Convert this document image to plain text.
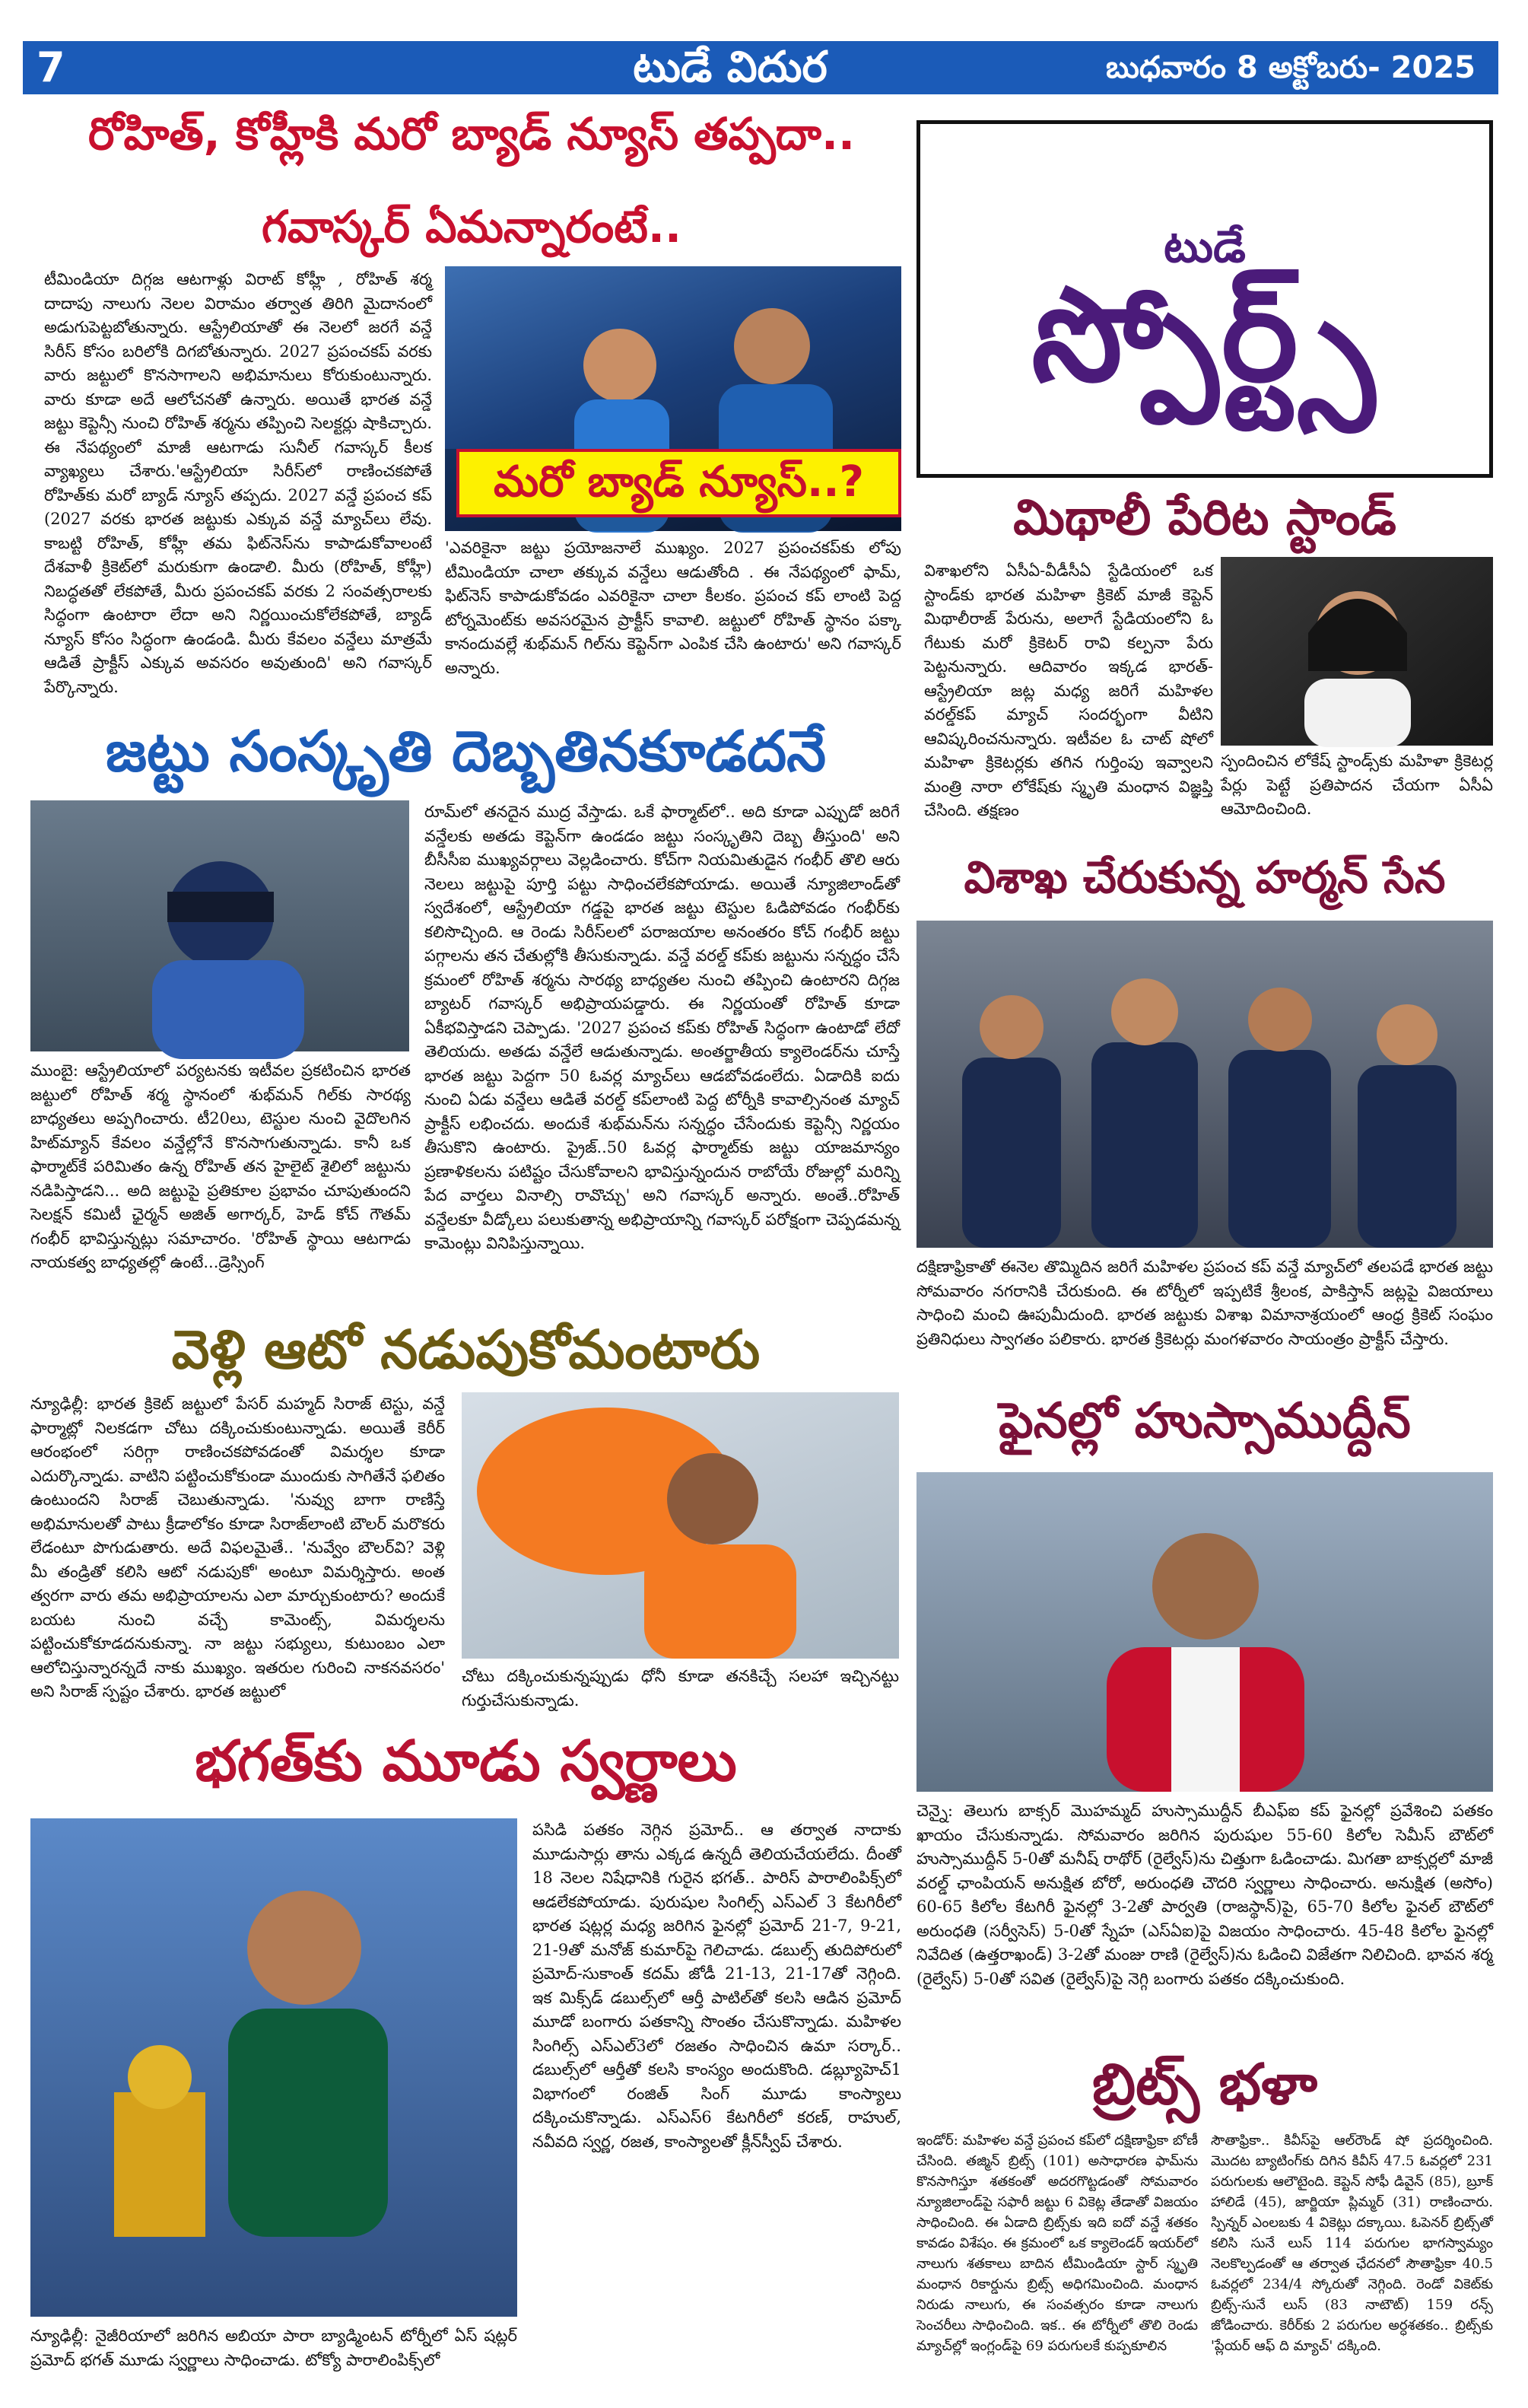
7	టుడే విదుర	బుధవారం 8 అక్టోబరు- 2025
రోహిత్, కోహ్లీకి మరో బ్యాడ్ న్యూస్ తప్పదా..
గవాస్కర్ ఏమన్నారంటే..
టీమిండియా దిగ్గజ ఆటగాళ్లు విరాట్ కోహ్లీ , రోహిత్ శర్మ దాదాపు నాలుగు నెలల విరామం తర్వాత తిరిగి మైదానంలో అడుగుపెట్టబోతున్నారు. ఆస్ట్రేలియాతో ఈ నెలలో జరగే వన్డే సిరీస్ కోసం బరిలోకి దిగబోతున్నారు. 2027 ప్రపంచకప్ వరకు వారు జట్టులో కొనసాగాలని అభిమానులు కోరుకుంటున్నారు. వారు కూడా అదే ఆలోచనతో ఉన్నారు. అయితే భారత వన్డే జట్టు కెప్టెన్సీ నుంచి రోహిత్ శర్మను తప్పించి సెలక్టర్లు షాకిచ్చారు. ఈ నేపథ్యంలో మాజీ ఆటగాడు సునీల్ గవాస్కర్ కీలక వ్యాఖ్యలు చేశారు.'ఆస్ట్రేలియా సిరీస్‌లో రాణించకపోతే రోహిత్‌కు మరో బ్యాడ్ న్యూస్ తప్పదు. 2027 వన్డే ప్రపంచ కప్ (2027 వరకు భారత జట్టుకు ఎక్కువ వన్డే మ్యాచ్‌లు లేవు. కాబట్టి రోహిత్, కోహ్లీ తమ ఫిట్‌నెస్‌ను కాపాడుకోవాలంటే దేశవాళీ క్రికెట్‌లో మరుకుగా ఉండాలి. మీరు (రోహిత్, కోహ్లీ) నిబద్ధతతో లేకపోతే, మీరు ప్రపంచకప్ వరకు 2 సంవత్సరాలకు సిద్ధంగా ఉంటారా లేదా అని నిర్ణయించుకోలేకపోతే, బ్యాడ్ న్యూస్ కోసం సిద్ధంగా ఉండండి. మీరు కేవలం వన్డేలు మాత్రమే ఆడితే ప్రాక్టీస్ ఎక్కువ అవసరం అవుతుంది' అని గవాస్కర్ పేర్కొన్నారు.
మరో బ్యాడ్ న్యూస్..?
'ఎవరికైనా జట్టు ప్రయోజనాలే ముఖ్యం. 2027 ప్రపంచకప్‌కు లోపు టీమిండియా చాలా తక్కువ వన్డేలు ఆడుతోంది . ఈ నేపథ్యంలో ఫామ్, ఫిట్‌నెస్ కాపాడుకోవడం ఎవరికైనా చాలా కీలకం. ప్రపంచ కప్ లాంటి పెద్ద టోర్నమెంట్‌కు అవసరమైన ప్రాక్టీస్ కావాలి. జట్టులో రోహిత్ స్థానం పక్కా కానందువల్లే శుభ్‌మన్ గిల్‌ను కెప్టెన్‌గా ఎంపిక చేసి ఉంటారు' అని గవాస్కర్ అన్నారు.
టుడే
స్పోర్ట్స్
జట్టు సంస్కృతి దెబ్బతినకూడదనే
ముంబై: ఆస్ట్రేలియాలో పర్యటనకు ఇటీవల ప్రకటించిన భారత జట్టులో రోహిత్ శర్మ స్థానంలో శుభ్‌మన్ గిల్‌కు సారథ్య బాధ్యతలు అప్పగించారు. టీ20లు, టెస్టుల నుంచి వైదొలగిన హిట్‌మ్యాన్ కేవలం వన్డేల్లోనే కొనసాగుతున్నాడు. కానీ ఒక ఫార్మాట్‌కే పరిమితం ఉన్న రోహిత్ తన హైలైట్ శైలిలో జట్టును నడిపిస్తాడని... అది జట్టుపై ప్రతికూల ప్రభావం చూపుతుందని సెలక్షన్ కమిటీ ఛైర్మన్ అజిత్ అగార్కర్, హెడ్ కోచ్ గౌతమ్ గంభీర్ భావిస్తున్నట్లు సమాచారం. 'రోహిత్ స్థాయి ఆటగాడు నాయకత్వ బాధ్యతల్లో ఉంటే...డ్రెస్సింగ్
రూమ్‌లో తనదైన ముద్ర వేస్తాడు. ఒకే ఫార్మాట్‌లో.. అది కూడా ఎప్పుడో జరిగే వన్డేలకు అతడు కెప్టెన్‌గా ఉండడం జట్టు సంస్కృతిని దెబ్బ తీస్తుంది' అని బీసీసీఐ ముఖ్యవర్గాలు వెల్లడించారు. కోచ్‌గా నియమితుడైన గంభీర్ తొలి ఆరు నెలలు జట్టుపై పూర్తి పట్టు సాధించలేకపోయాడు. అయితే న్యూజిలాండ్‌తో స్వదేశంలో, ఆస్ట్రేలియా గడ్డపై భారత జట్టు టెస్టుల ఓడిపోవడం గంభీర్‌కు కలిసొచ్చింది. ఆ రెండు సిరీస్‌లలో పరాజయాల అనంతరం కోచ్ గంభీర్ జట్టు పగ్గాలను తన చేతుల్లోకి తీసుకున్నాడు. వన్డే వరల్డ్ కప్‌కు జట్టును సన్నద్ధం చేసే క్రమంలో రోహిత్ శర్మను సారథ్య బాధ్యతల నుంచి తప్పించి ఉంటారని దిగ్గజ బ్యాటర్ గవాస్కర్ అభిప్రాయపడ్డారు. ఈ నిర్ణయంతో రోహిత్ కూడా ఏకీభవిస్తాడని చెప్పాడు. '2027 ప్రపంచ కప్‌కు రోహిత్ సిద్ధంగా ఉంటాడో లేదో తెలియదు. అతడు వన్డేలే ఆడుతున్నాడు. అంతర్జాతీయ క్యాలెండర్‌ను చూస్తే భారత జట్టు పెద్దగా 50 ఓవర్ల మ్యాచ్‌లు ఆడబోవడంలేదు. ఏడాదికి ఐదు నుంచి ఏడు వన్డేలు ఆడితే వరల్డ్ కప్‌లాంటి పెద్ద టోర్నీకి కావాల్సినంత మ్యాచ్ ప్రాక్టీస్ లభించదు. అందుకే శుభ్‌మన్‌ను సన్నద్ధం చేసేందుకు కెప్టెన్సీ నిర్ణయం తీసుకొని ఉంటారు. ప్రైజ్..50 ఓవర్ల ఫార్మాట్‌కు జట్టు యాజమాన్యం ప్రణాళికలను పటిష్టం చేసుకోవాలని భావిస్తున్నందున రాబోయే రోజుల్లో మరిన్ని పేద వార్తలు వినాల్సి రావొచ్చు' అని గవాస్కర్ అన్నారు. అంతే..రోహిత్ వన్డేలకూ వీడ్కోలు పలుకుతాన్న అభిప్రాయాన్ని గవాస్కర్ పరోక్షంగా చెప్పడమన్న కామెంట్లు వినిపిస్తున్నాయి.
మిథాలీ పేరిట స్టాండ్
విశాఖలోని ఏసీఏ-వీడీసీఏ స్టేడియంలో ఒక స్టాండ్‌కు భారత మహిళా క్రికెట్ మాజీ కెప్టెన్ మిథాలీరాజ్ పేరును, అలాగే స్టేడియంలోని ఓ గేటుకు మరో క్రికెటర్ రావి కల్పనా పేరు పెట్టనున్నారు. ఆదివారం ఇక్కడ భారత్-ఆస్ట్రేలియా జట్ల మధ్య జరిగే మహిళల వరల్డ్‌కప్ మ్యాచ్ సందర్భంగా వీటిని ఆవిష్కరించనున్నారు. ఇటీవల ఓ చాట్ షోలో మహిళా క్రికెటర్లకు తగిన గుర్తింపు ఇవ్వాలని మంత్రి నారా లోకేష్‌కు స్మృతి మంధాన విజ్ఞప్తి చేసింది. తక్షణం
స్పందించిన లోకేష్ స్టాండ్స్‌కు మహిళా క్రికెటర్ల పేర్లు పెట్టే ప్రతిపాదన చేయగా ఏసీఏ ఆమోదించింది.
విశాఖ చేరుకున్న హర్మన్ సేన
దక్షిణాఫ్రికాతో ఈనెల తొమ్మిదిన జరిగే మహిళల ప్రపంచ కప్ వన్డే మ్యాచ్‌లో తలపడే భారత జట్టు సోమవారం నగరానికి చేరుకుంది. ఈ టోర్నీలో ఇప్పటికే శ్రీలంక, పాకిస్తాన్ జట్లపై విజయాలు సాధించి మంచి ఊపుమీదుంది. భారత జట్టుకు విశాఖ విమానాశ్రయంలో ఆంధ్ర క్రికెట్ సంఘం ప్రతినిధులు స్వాగతం పలికారు. భారత క్రికెటర్లు మంగళవారం సాయంత్రం ప్రాక్టీస్ చేస్తారు.
వెళ్లి ఆటో నడుపుకోమంటారు
న్యూఢిల్లీ: భారత క్రికెట్ జట్టులో పేసర్ మహ్మద్ సిరాజ్ టెస్టు, వన్డే ఫార్మాట్లో నిలకడగా చోటు దక్కించుకుంటున్నాడు. అయితే కెరీర్ ఆరంభంలో సరిగ్గా రాణించకపోవడంతో విమర్శల కూడా ఎదుర్కొన్నాడు. వాటిని పట్టించుకోకుండా ముందుకు సాగితేనే ఫలితం ఉంటుందని సిరాజ్ చెబుతున్నాడు. 'నువ్వు బాగా రాణిస్తే అభిమానులతో పాటు క్రీడాలోకం కూడా సిరాజ్‌లాంటి బౌలర్ మరొకరు లేడంటూ పొగుడుతారు. అదే విఫలమైతే.. 'నువ్వేం బౌలర్‌వి? వెళ్లి మీ తండ్రితో కలిసి ఆటో నడుపుకో' అంటూ విమర్శిస్తారు. అంత త్వరగా వారు తమ అభిప్రాయాలను ఎలా మార్చుకుంటారు? అందుకే బయట నుంచి వచ్చే కామెంట్స్, విమర్శలను పట్టించుకోకూడదనుకున్నా. నా జట్టు సభ్యులు, కుటుంబం ఎలా ఆలోచిస్తున్నారన్నదే నాకు ముఖ్యం. ఇతరుల గురించి నాకనవసరం' అని సిరాజ్ స్పష్టం చేశారు. భారత జట్టులో
చోటు దక్కించుకున్నప్పుడు ధోనీ కూడా తనకిచ్చే సలహా ఇచ్చినట్టు గుర్తుచేసుకున్నాడు.
ఫైనల్లో హుస్సాముద్దీన్
చెన్నై: తెలుగు బాక్సర్ మొహమ్మద్ హుస్సాముద్దీన్ బీఎఫ్ఐ కప్ ఫైనల్లో ప్రవేశించి పతకం ఖాయం చేసుకున్నాడు. సోమవారం జరిగిన పురుషుల 55-60 కిలోల సెమీస్ బౌట్‌లో హుస్సాముద్దీన్ 5-0తో మనీష్ రాథోర్ (రైల్వేస్)ను చిత్తుగా ఓడించాడు. మిగతా బాక్సర్లలో మాజీ వరల్డ్ ఛాంపియన్ అనుక్షిత బోరో, అరుంధతి చౌదరి స్వర్ణాలు సాధించారు. అనుక్షిత (అసోం) 60-65 కిలోల కేటగిరీ ఫైనల్లో 3-2తో పార్వతి (రాజస్థాన్)పై, 65-70 కిలోల ఫైనల్ బౌట్‌లో అరుంధతి (సర్వీసెస్) 5-0తో స్నేహ (ఎస్ఏఐ)పై విజయం సాధించారు. 45-48 కిలోల ఫైనల్లో నివేదిత (ఉత్తరాఖండ్) 3-2తో మంజు రాణి (రైల్వేస్)ను ఓడించి విజేతగా నిలిచింది. భావన శర్మ (రైల్వేస్) 5-0తో సవిత (రైల్వేస్)పై నెగ్గి బంగారు పతకం దక్కించుకుంది.
భగత్‌కు మూడు స్వర్ణాలు
న్యూఢిల్లీ: నైజీరియాలో జరిగిన అబియా పారా బ్యాడ్మింటన్ టోర్నీలో ఏస్ షట్లర్ ప్రమోద్ భగత్ మూడు స్వర్ణాలు సాధించాడు. టోక్యో పారాలింపిక్స్‌లో
పసిడి పతకం నెగ్గిన ప్రమోద్.. ఆ తర్వాత నాదాకు మూడుసార్లు తాను ఎక్కడ ఉన్నదీ తెలియచేయలేదు. దీంతో 18 నెలల నిషేధానికి గురైన భగత్.. పారిస్ పారాలింపిక్స్‌లో ఆడలేకపోయాడు. పురుషుల సింగిల్స్ ఎస్ఎల్ 3 కేటగిరీలో భారత షట్లర్ల మధ్య జరిగిన ఫైనల్లో ప్రమోద్ 21-7, 9-21, 21-9తో మనోజ్ కుమార్‌పై గెలిచాడు. డబుల్స్ తుదిపోరులో ప్రమోద్-సుకాంత్ కదమ్ జోడీ 21-13, 21-17తో నెగ్గింది. ఇక మిక్స్‌డ్ డబుల్స్‌లో ఆర్తీ పాటిల్‌తో కలసి ఆడిన ప్రమోద్ మూడో బంగారు పతకాన్ని సొంతం చేసుకొన్నాడు. మహిళల సింగిల్స్ ఎస్ఎల్3లో రజతం సాధించిన ఉమా సర్కార్.. డబుల్స్‌లో ఆర్తీతో కలసి కాంస్యం అందుకొంది. డబ్ల్యూహెచ్1 విభాగంలో రంజిత్ సింగ్ మూడు కాంస్యాలు దక్కించుకొన్నాడు. ఎస్ఎస్6 కేటగిరీలో కరణ్, రాహుల్, నవీవది స్వర్ణ, రజత, కాంస్యాలతో క్లీన్‌స్వీప్ చేశారు.
బ్రిట్స్ భళా
ఇండోర్: మహిళల వన్డే ప్రపంచ కప్‌లో దక్షిణాఫ్రికా బోణీ చేసింది. తజ్మిన్ బ్రిట్స్ (101) అసాధారణ ఫామ్‌ను కొనసాగిస్తూ శతకంతో అదరగొట్టడంతో సోమవారం న్యూజిలాండ్‌పై సఫారీ జట్టు 6 వికెట్ల తేడాతో విజయం సాధించింది. ఈ ఏడాది బ్రిట్స్‌కు ఇది ఐదో వన్డే శతకం కావడం విశేషం. ఈ క్రమంలో ఒక క్యాలెండర్ ఇయర్‌లో నాలుగు శతకాలు బాదిన టీమిండియా స్టార్ స్మృతి మంధాన రికార్డును బ్రిట్స్ అధిగమించింది. మంధాన నిరుడు నాలుగు, ఈ సంవత్సరం కూడా నాలుగు సెంచరీలు సాధించింది. ఇక.. ఈ టోర్నీలో తొలి రెండు మ్యాచ్‌ల్లో ఇంగ్లండ్‌పై 69 పరుగులకే కుప్పకూలిన
సౌతాఫ్రికా.. కివీస్‌పై ఆల్‌రౌండ్ షో ప్రదర్శించింది. మొదట బ్యాటింగ్‌కు దిగిన కివీస్ 47.5 ఓవర్లలో 231 పరుగులకు ఆలౌటైంది. కెప్టెన్ సోఫీ డివైన్ (85), బ్రూక్ హాలిడే (45), జార్జియా ప్లిమ్మర్ (31) రాణించారు. స్పిన్నర్ ఎంలబకు 4 వికెట్లు దక్కాయి. ఓపెనర్ బ్రిట్స్‌తో కలిసి సునే లుస్ 114 పరుగుల భాగస్వామ్యం నెలకొల్పడంతో ఆ తర్వాత ఛేదనలో సౌతాఫ్రికా 40.5 ఓవర్లలో 234/4 స్కోరుతో నెగ్గింది. రెండో వికెట్‌కు బ్రిట్స్-సునే లుస్ (83 నాటౌట్) 159 రన్స్ జోడించారు. కెరీర్‌కు 2 పరుగుల అర్ధశతకం.. బ్రిట్స్‌కు 'ప్లేయర్ ఆఫ్ ది మ్యాచ్' దక్కింది.
